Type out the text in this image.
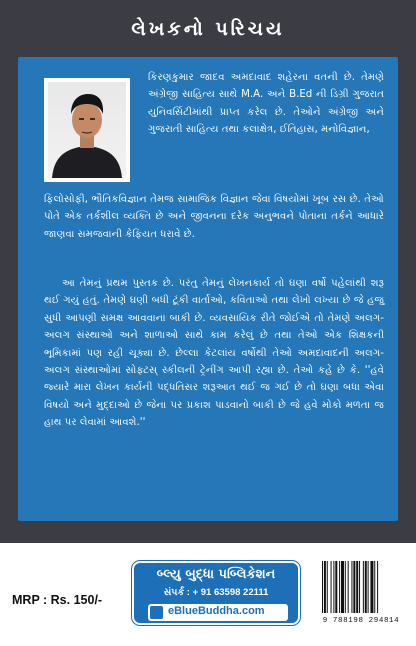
લેખકનો પરિચય
કિરણકુમાર જાદવ અમદાવાદ શહેરના વતની છે. તેમણે અંગ્રેજી સાહિત્ય સાથે M.A. અને B.Ed ની ડિગ્રી ગુજરાત યુનિવર્સિટીમાંથી પ્રાપ્ત કરેલ છે. તેઓને અંગ્રેજી અને ગુજરાતી સાહિત્ય તથા કલાક્ષેત્ર, ઈતિહાસ, મનોવિજ્ઞાન,
ફિલોસોફી, ભૌતિકવિજ્ઞાન તેમજ સામાજિક વિજ્ઞાન જેવા વિષયોમાં ખૂબ રસ છે. તેઓ પોતે એક તર્કશીલ વ્યક્તિ છે અને જીવનના દરેક અનુભવને પોતાના તર્કને આધારે જાણવા સમજવાની કેફિયત ધરાવે છે.
આ તેમનું પ્રથમ પુસ્તક છે. પરંતુ તેમનું લેખનકાર્ય તો ઘણા વર્ષો પહેલાંથી શરૂ થઈ ગયું હતું. તેમણે ઘણી બધી ટૂંકી વાર્તાઓ, કવિતાઓ તથા લેખો લખ્યા છે જે હજુ સુધી આપણી સમક્ષ આવવાના બાકી છે. વ્યવસાયિક રીતે જોઈએ તો તેમણે અલગ-અલગ સંસ્થાઓ અને શાળાઓ સાથે કામ કરેલું છે તથા તેઓ એક શિક્ષકની ભૂમિકામાં પણ રહી ચૂક્યા છે. છેલ્લા કેટલાંય વર્ષોથી તેઓ અમદાવાદની અલગ-અલગ સંસ્થાઓમાં સોફ્ટસ્ સ્કીલની ટ્રેનીંગ આપી રહ્યા છે. તેઓ કહે છે કે. ''હવે જ્યારે મારા લેખન કાર્યની પદ્ધતિસર શરૂઆત થઈ જ ગઈ છે તો ઘણા બધા એવા વિષયો અને મુદ્દાઓ છે જેના પર પ્રકાશ પાડવાનો બાકી છે જે હવે મોકો મળતા જ હાથ પર લેવામાં આવશે.''
MRP : Rs. 150/-
બ્લ્યુ બુદ્ધા પબ્લિકેશન
સંપર્ક : + 91 63598 22111
eBlueBuddha.com
9 788198 294814
